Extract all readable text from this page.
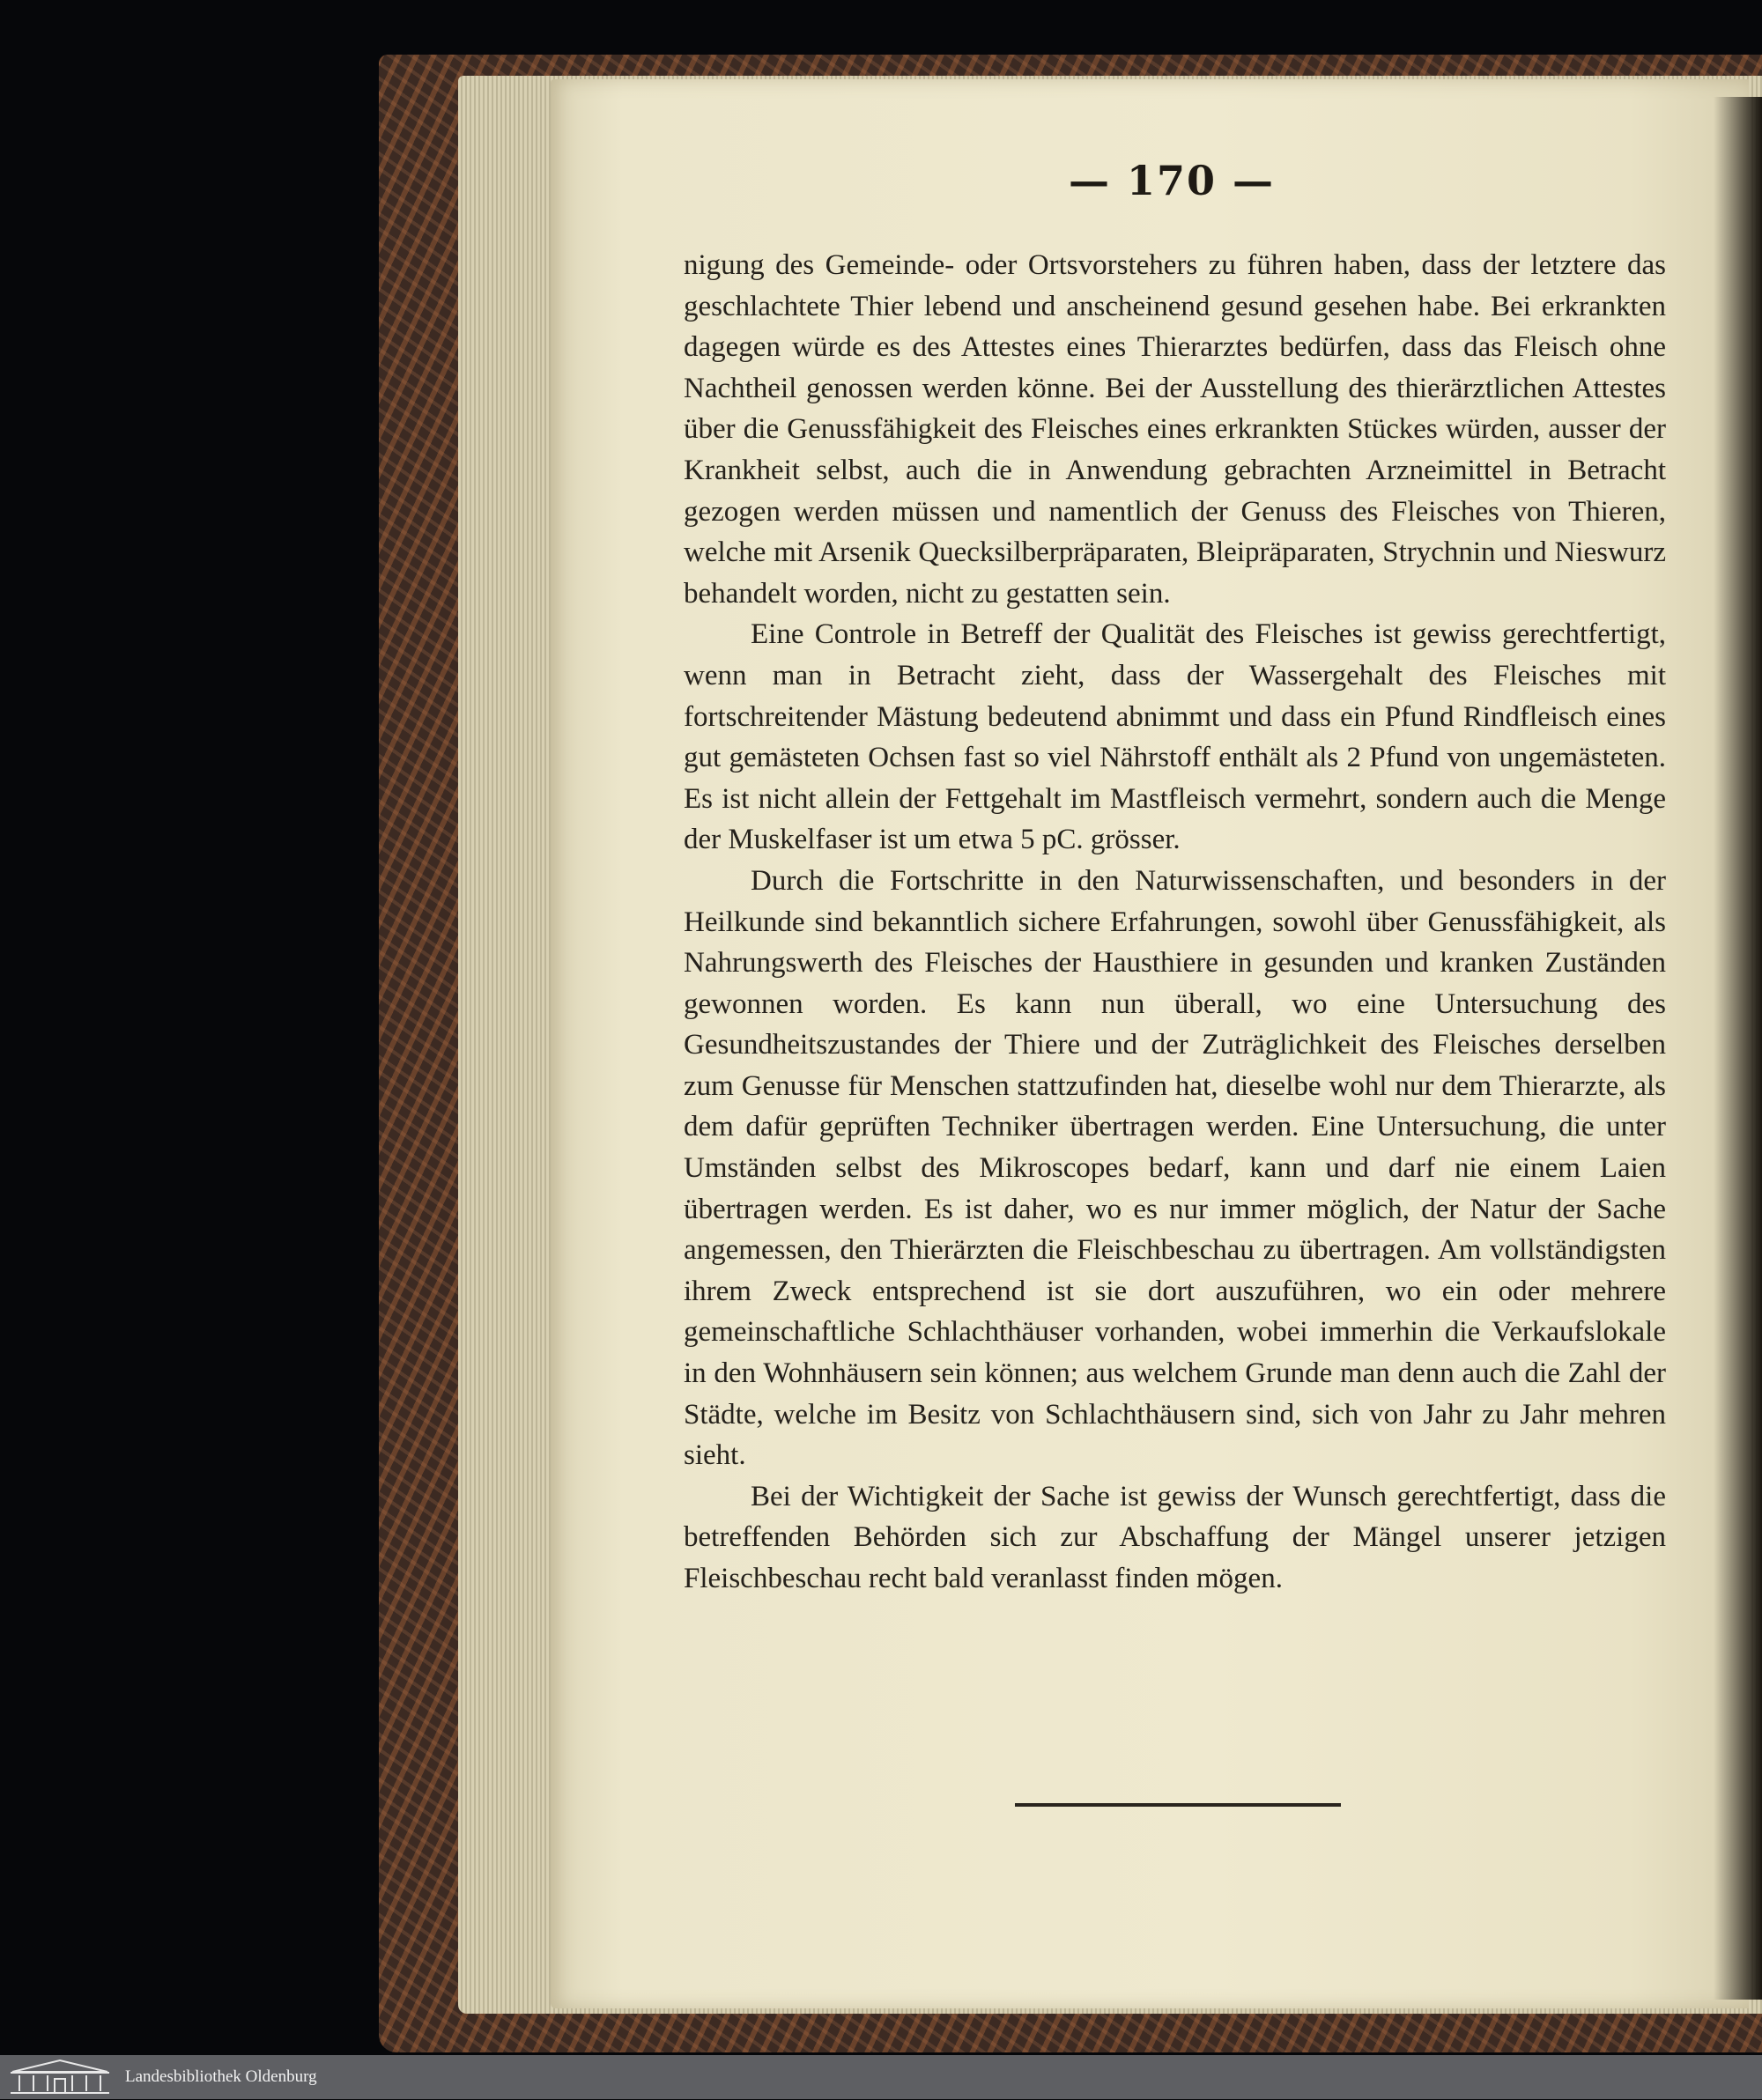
— 170 —

nigung des Gemeinde- oder Ortsvorstehers zu führen haben, dass der letztere das geschlachtete Thier lebend und anscheinend gesund gesehen habe. Bei erkrankten dagegen würde es des Attestes eines Thierarztes bedürfen, dass das Fleisch ohne Nachtheil genossen werden könne. Bei der Ausstellung des thierärztlichen Attestes über die Genussfähigkeit des Fleisches eines erkrankten Stückes würden, ausser der Krankheit selbst, auch die in Anwendung gebrachten Arzneimittel in Betracht gezogen werden müssen und namentlich der Genuss des Fleisches von Thieren, welche mit Arsenik Quecksilberpräparaten, Bleipräparaten, Strychnin und Nieswurz behandelt worden, nicht zu gestatten sein.

Eine Controle in Betreff der Qualität des Fleisches ist gewiss gerechtfertigt, wenn man in Betracht zieht, dass der Wassergehalt des Fleisches mit fortschreitender Mästung bedeutend abnimmt und dass ein Pfund Rindfleisch eines gut gemästeten Ochsen fast so viel Nährstoff enthält als 2 Pfund von ungemästeten. Es ist nicht allein der Fettgehalt im Mastfleisch vermehrt, sondern auch die Menge der Muskelfaser ist um etwa 5 pC. grösser.

Durch die Fortschritte in den Naturwissenschaften, und besonders in der Heilkunde sind bekanntlich sichere Erfahrungen, sowohl über Genussfähigkeit, als Nahrungswerth des Fleisches der Hausthiere in gesunden und kranken Zuständen gewonnen worden. Es kann nun überall, wo eine Untersuchung des Gesundheitszustandes der Thiere und der Zuträglichkeit des Fleisches derselben zum Genusse für Menschen stattzufinden hat, dieselbe wohl nur dem Thierarzte, als dem dafür geprüften Techniker übertragen werden. Eine Untersuchung, die unter Umständen selbst des Mikroscopes bedarf, kann und darf nie einem Laien übertragen werden. Es ist daher, wo es nur immer möglich, der Natur der Sache angemessen, den Thierärzten die Fleischbeschau zu übertragen. Am vollständigsten ihrem Zweck entsprechend ist sie dort auszuführen, wo ein oder mehrere gemeinschaftliche Schlachthäuser vorhanden, wobei immerhin die Verkaufslokale in den Wohnhäusern sein können; aus welchem Grunde man denn auch die Zahl der Städte, welche im Besitz von Schlachthäusern sind, sich von Jahr zu Jahr mehren sieht.

Bei der Wichtigkeit der Sache ist gewiss der Wunsch gerechtfertigt, dass die betreffenden Behörden sich zur Abschaffung der Mängel unserer jetzigen Fleischbeschau recht bald veranlasst finden mögen.

Landesbibliothek Oldenburg
